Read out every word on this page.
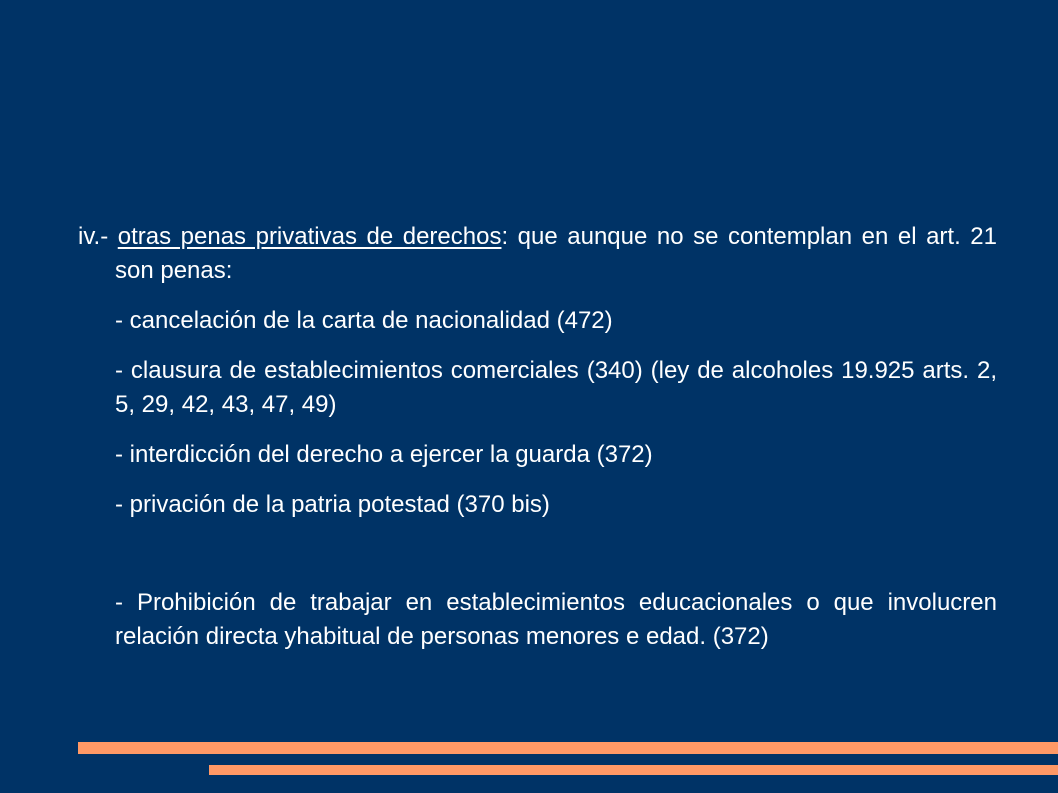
iv.- otras penas privativas de derechos: que aunque no se contemplan en el art. 21 son penas:

- cancelación de la carta de nacionalidad (472)

- clausura de establecimientos comerciales (340) (ley de alcoholes 19.925 arts. 2, 5, 29, 42, 43, 47, 49)

- interdicción del derecho a ejercer la guarda (372)

- privación de la patria potestad (370 bis)

- Prohibición de trabajar en establecimientos educacionales o que involucren relación directa yhabitual de personas menores e edad. (372)
